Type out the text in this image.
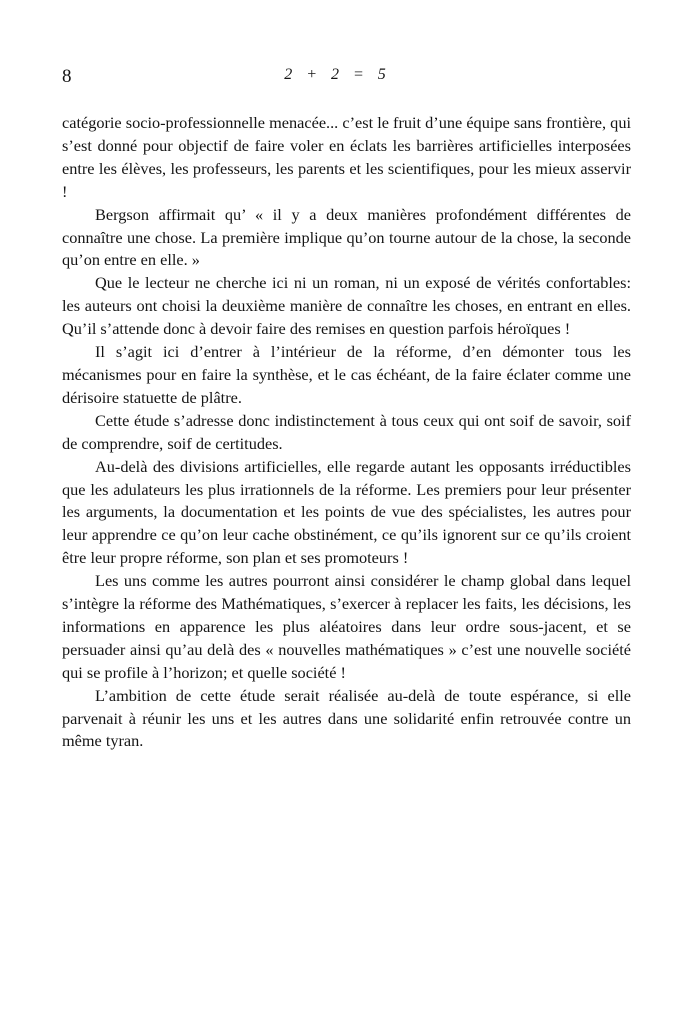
8	2 + 2 = 5

catégorie socio-professionnelle menacée... c’est le fruit d’une équipe sans frontière, qui s’est donné pour objectif de faire voler en éclats les barrières artificielles interposées entre les élèves, les professeurs, les parents et les scientifiques, pour les mieux asservir !

Bergson affirmait qu’ « il y a deux manières profondément différentes de connaître une chose. La première implique qu’on tourne autour de la chose, la seconde qu’on entre en elle. »

Que le lecteur ne cherche ici ni un roman, ni un exposé de vérités confortables: les auteurs ont choisi la deuxième manière de connaître les choses, en entrant en elles. Qu’il s’attende donc à devoir faire des remises en question parfois héroïques !

Il s’agit ici d’entrer à l’intérieur de la réforme, d’en démonter tous les mécanismes pour en faire la synthèse, et le cas échéant, de la faire éclater comme une dérisoire statuette de plâtre.

Cette étude s’adresse donc indistinctement à tous ceux qui ont soif de savoir, soif de comprendre, soif de certitudes.

Au-delà des divisions artificielles, elle regarde autant les opposants irréductibles que les adulateurs les plus irrationnels de la réforme. Les premiers pour leur présenter les arguments, la documentation et les points de vue des spécialistes, les autres pour leur apprendre ce qu’on leur cache obstinément, ce qu’ils ignorent sur ce qu’ils croient être leur propre réforme, son plan et ses promoteurs !

Les uns comme les autres pourront ainsi considérer le champ global dans lequel s’intègre la réforme des Mathématiques, s’exercer à replacer les faits, les décisions, les informations en apparence les plus aléatoires dans leur ordre sous-jacent, et se persuader ainsi qu’au delà des « nouvelles mathématiques » c’est une nouvelle société qui se profile à l’horizon; et quelle société !

L’ambition de cette étude serait réalisée au-delà de toute espérance, si elle parvenait à réunir les uns et les autres dans une solidarité enfin retrouvée contre un même tyran.
